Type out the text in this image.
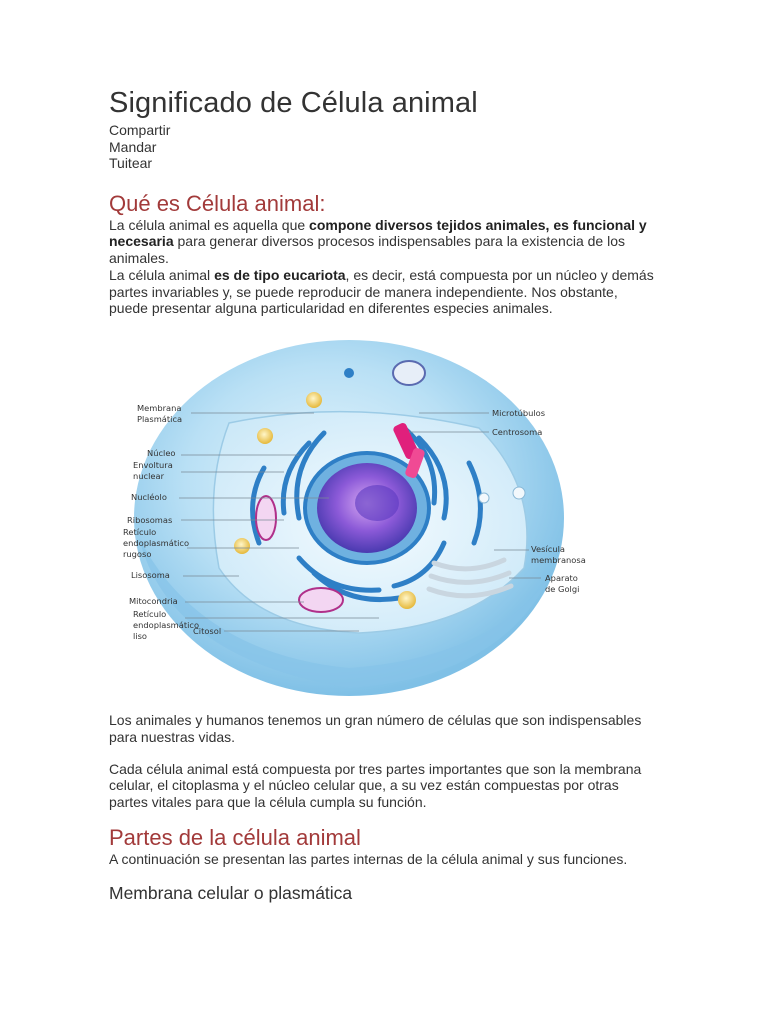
Significado de Célula animal
Compartir
Mandar
Tuitear
Qué es Célula animal:

La célula animal es aquella que compone diversos tejidos animales, es funcional y necesaria para generar diversos procesos indispensables para la existencia de los animales.

La célula animal es de tipo eucariota, es decir, está compuesta por un núcleo y demás partes invariables y, se puede reproducir de manera independiente. Nos obstante, puede presentar alguna particularidad en diferentes especies animales.

Membrana
Plasmática
Núcleo
Envoltura
nuclear
Nucléolo
Ribosomas
Retículo
endoplasmático
rugoso
Lisosoma
Mitocondria
Retículo
endoplasmático
liso	Citosol
Microtúbulos
Centrosoma
Vesícula
membranosa
Aparato
de Golgi

Los animales y humanos tenemos un gran número de células que son indispensables para nuestras vidas.

Cada célula animal está compuesta por tres partes importantes que son la membrana celular, el citoplasma y el núcleo celular que, a su vez están compuestas por otras partes vitales para que la célula cumpla su función.

Partes de la célula animal

A continuación se presentan las partes internas de la célula animal y sus funciones.

Membrana celular o plasmática
